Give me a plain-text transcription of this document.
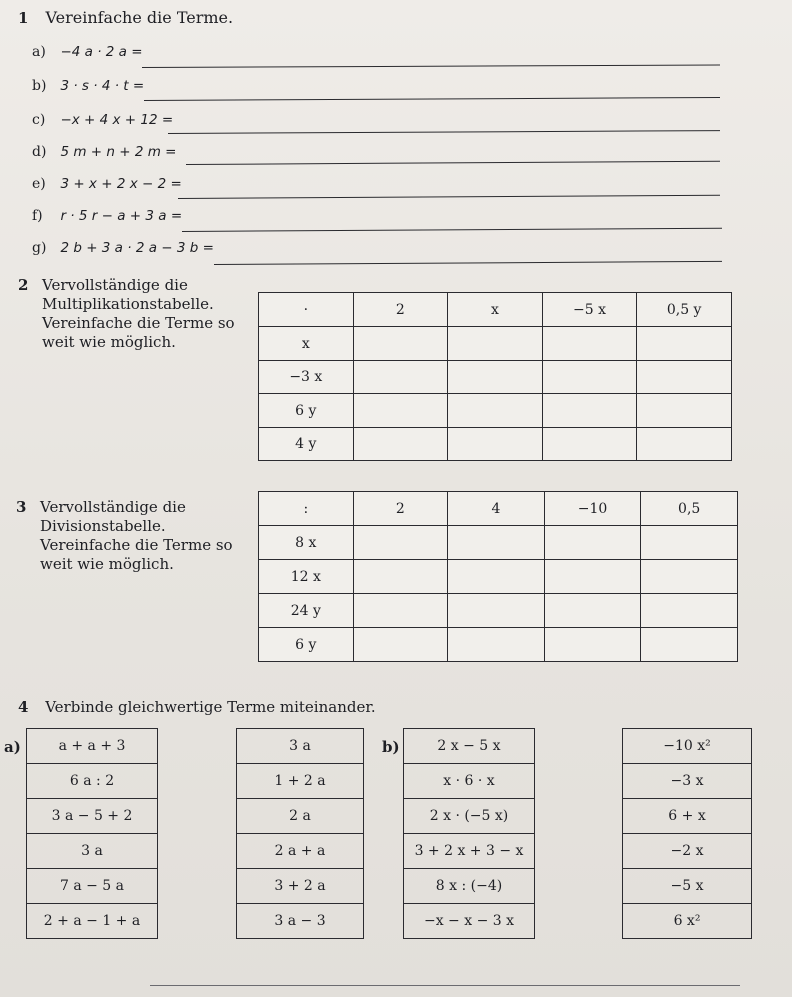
1 Vereinfache die Terme.
a) −4 a · 2 a =
b) 3 · s · 4 · t =
c) −x + 4 x + 12 =
d) 5 m + n + 2 m =
e) 3 + x + 2 x − 2 =
f) r · 5 r − a + 3 a =
g) 2 b + 3 a · 2 a − 3 b =
2 Vervollständige die
Multiplikationstabelle.
Vereinfache die Terme so
weit wie möglich.
·	2	x	−5 x	0,5 y
x				
−3 x				
6 y				
4 y				
3 Vervollständige die
Divisionstabelle.
Vereinfache die Terme so
weit wie möglich.
:	2	4	−10	0,5
8 x				
12 x				
24 y				
6 y				
4 Verbinde gleichwertige Terme miteinander.
a)	b)
a + a + 3
6 a : 2
3 a − 5 + 2
3 a
7 a − 5 a
2 + a − 1 + a
3 a
1 + 2 a
2 a
2 a + a
3 + 2 a
3 a − 3
2 x − 5 x
x · 6 · x
2 x · (−5 x)
3 + 2 x + 3 − x
8 x : (−4)
−x − x − 3 x
−10 x²
−3 x
6 + x
−2 x
−5 x
6 x²
